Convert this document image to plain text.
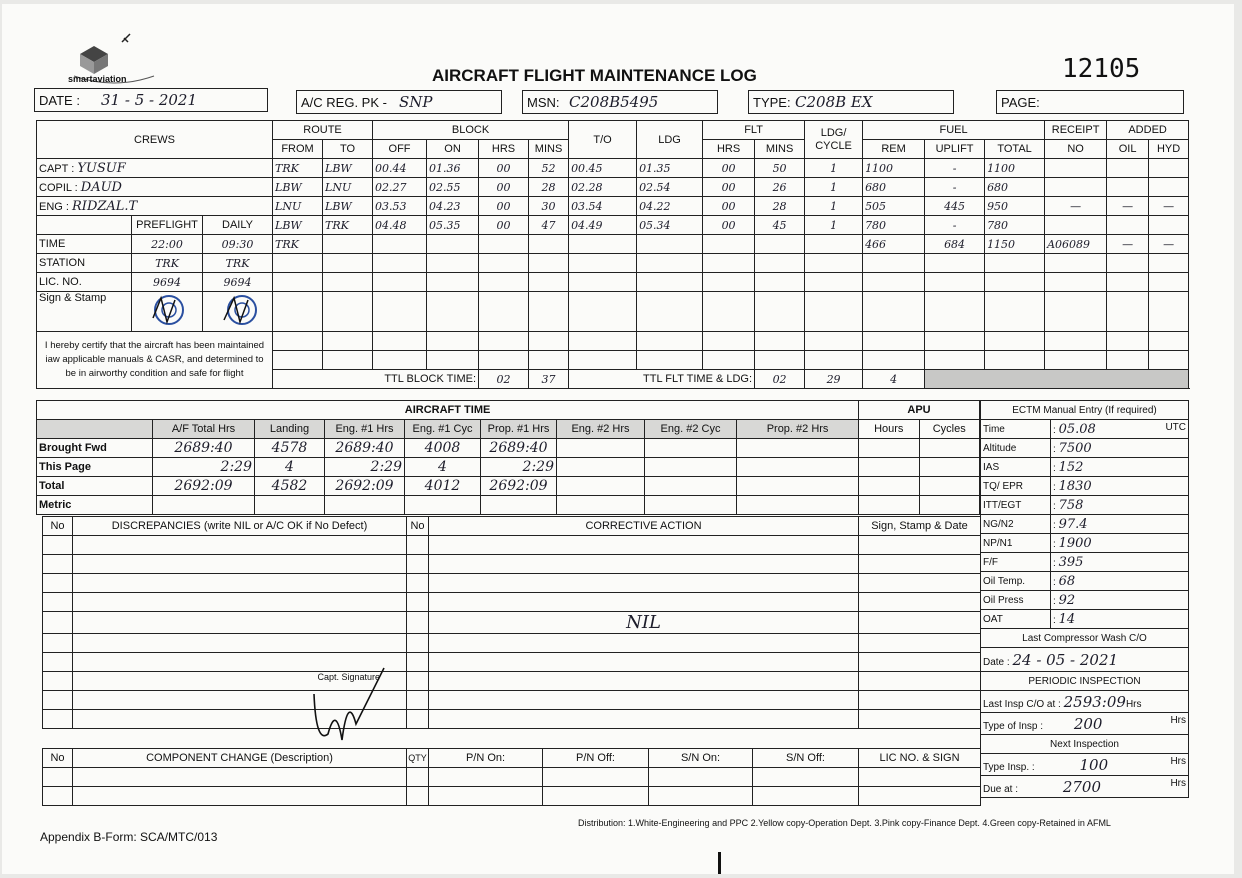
smartaviation	AIRCRAFT FLIGHT MAINTENANCE LOG	12105
DATE : 31 - 5 - 2021	A/C REG. PK - SNP	MSN: C208B5495	TYPE: C208B EX	PAGE:
CREWS			ROUTE		BLOCK				T/O	LDG	FLT		LDG/ CYCLE	FUEL			RECEIPT	ADDED	
			FROM	TO	OFF	ON	HRS	MINS			HRS	MINS		REM	UPLIFT	TOTAL	NO	OIL	HYD
CAPT : YUSUF			TRK	LBW	00.44	01.36	00	52	00.45	01.35	00	50	1	1100	-	1100			
COPIL : DAUD			LBW	LNU	02.27	02.55	00	28	02.28	02.54	00	26	1	680	-	680			
ENG : RIDZAL.T			LNU	LBW	03.53	04.23	00	30	03.54	04.22	00	28	1	505	445	950	—	—	—
	PREFLIGHT	DAILY	LBW	TRK	04.48	05.35	00	47	04.49	05.34	00	45	1	780	-	780			
TIME	22:00	09:30	TRK											466	684	1150	A06089	—	—
STATION	TRK	TRK																	
LIC. NO.	9694	9694																	
Sign & Stamp																			
I hereby certify that the aircraft has been maintained iaw applicable manuals & CASR, and determined to be in airworthy condition and safe for flight																			

			TTL BLOCK TIME:				02	37	TTL FLT TIME & LDG:			02	29	4					
AIRCRAFT TIME								
	A/F Total Hrs	Landing	Eng. #1 Hrs	Eng. #1 Cyc	Prop. #1 Hrs	Eng. #2 Hrs	Eng. #2 Cyc	Prop. #2 Hrs
Brought Fwd	2689:40	4578	2689:40	4008	2689:40			
This Page	2:29	4	2:29	4	2:29			
Total	2692:09	4582	2692:09	4012	2692:09			
Metric								
APU	
Hours	Cycles

ECTM Manual Entry (If required)	
Time	: 05.08 UTC

Altitude	: 7500
IAS	: 152
TQ/ EPR	: 1830
ITT/EGT	: 758
NG/N2	: 97.4
NP/N1	: 1900
F/F	: 395
Oil Temp.	: 68
Oil Press	: 92
OAT	: 14
Last Compressor Wash C/O	
Date : 24 - 05 - 2021	
PERIODIC INSPECTION	
Last Insp C/O at : 2593:09Hrs	
Type of Insp : 200 Hrs	

Next Inspection	
Type Insp. : 100 Hrs	

Due at : 2700 Hrs	
No	DISCREPANCIES (write NIL or A/C OK if No Defect)	No	CORRECTIVE ACTION	Sign, Stamp & Date

			NIL	

	Capt. Signature			

No	COMPONENT CHANGE (Description)	QTY	P/N On:	P/N Off:	S/N On:	S/N Off:	LIC NO. & SIGN

Appendix B-Form: SCA/MTC/013
Distribution: 1.White-Engineering and PPC 2.Yellow copy-Operation Dept. 3.Pink copy-Finance Dept. 4.Green copy-Retained in AFML
